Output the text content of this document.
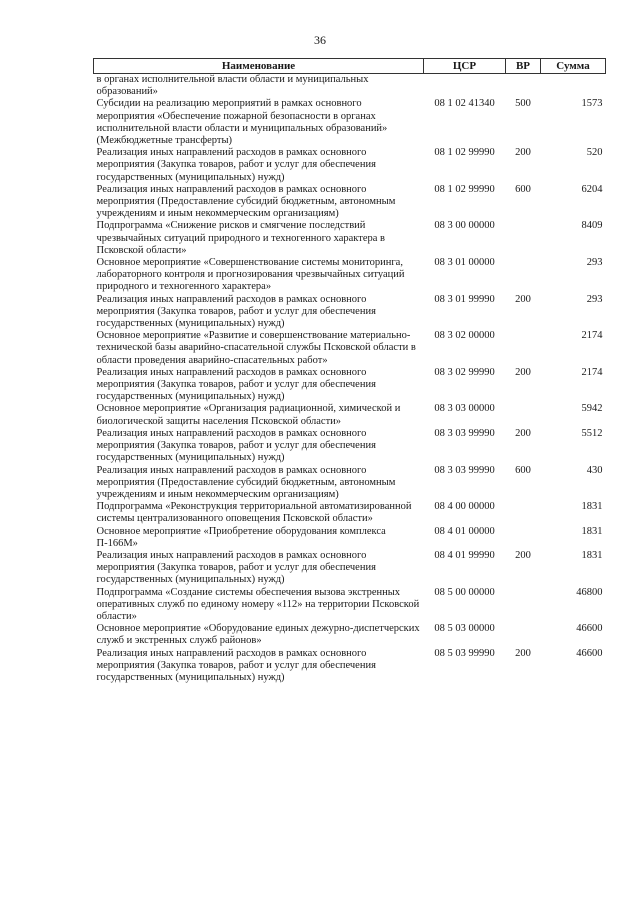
36
Наименование	ЦСР	ВР	Сумма
в органах исполнительной власти области и муниципальных образований»			
Субсидии на реализацию мероприятий в рамках основного мероприятия «Обеспечение пожарной безопасности в органах исполнительной власти области и муниципальных образований» (Межбюджетные трансферты)	08 1 02 41340	500	1573
Реализация иных направлений расходов в рамках основного мероприятия (Закупка товаров, работ и услуг для обеспечения государственных (муниципальных) нужд)	08 1 02 99990	200	520
Реализация иных направлений расходов в рамках основного мероприятия (Предоставление субсидий бюджетным, автономным учреждениям и иным некоммерческим организациям)	08 1 02 99990	600	6204
Подпрограмма «Снижение рисков и смягчение последствий чрезвычайных ситуаций природного и техногенного характера в Псковской области»	08 3 00 00000		8409
Основное мероприятие «Совершенствование системы мониторинга, лабораторного контроля и прогнозирования чрезвычайных ситуаций природного и техногенного характера»	08 3 01 00000		293
Реализация иных направлений расходов в рамках основного мероприятия (Закупка товаров, работ и услуг для обеспечения государственных (муниципальных) нужд)	08 3 01 99990	200	293
Основное мероприятие «Развитие и совершенствование материально-технической базы аварийно-спасательной службы Псковской области в области проведения аварийно-спасательных работ»	08 3 02 00000		2174
Реализация иных направлений расходов в рамках основного мероприятия (Закупка товаров, работ и услуг для обеспечения государственных (муниципальных) нужд)	08 3 02 99990	200	2174
Основное мероприятие «Организация радиационной, химической и биологической защиты населения Псковской области»	08 3 03 00000		5942
Реализация иных направлений расходов в рамках основного мероприятия (Закупка товаров, работ и услуг для обеспечения государственных (муниципальных) нужд)	08 3 03 99990	200	5512
Реализация иных направлений расходов в рамках основного мероприятия (Предоставление субсидий бюджетным, автономным учреждениям и иным некоммерческим организациям)	08 3 03 99990	600	430
Подпрограмма «Реконструкция территориальной автоматизированной системы централизованного оповещения Псковской области»	08 4 00 00000		1831
Основное мероприятие «Приобретение оборудования комплекса П-166М»	08 4 01 00000		1831
Реализация иных направлений расходов в рамках основного мероприятия (Закупка товаров, работ и услуг для обеспечения государственных (муниципальных) нужд)	08 4 01 99990	200	1831
Подпрограмма «Создание системы обеспечения вызова экстренных оперативных служб по единому номеру «112» на территории Псковской области»	08 5 00 00000		46800
Основное мероприятие «Оборудование единых дежурно-диспетчерских служб и экстренных служб районов»	08 5 03 00000		46600
Реализация иных направлений расходов в рамках основного мероприятия (Закупка товаров, работ и услуг для обеспечения государственных (муниципальных) нужд)	08 5 03 99990	200	46600
